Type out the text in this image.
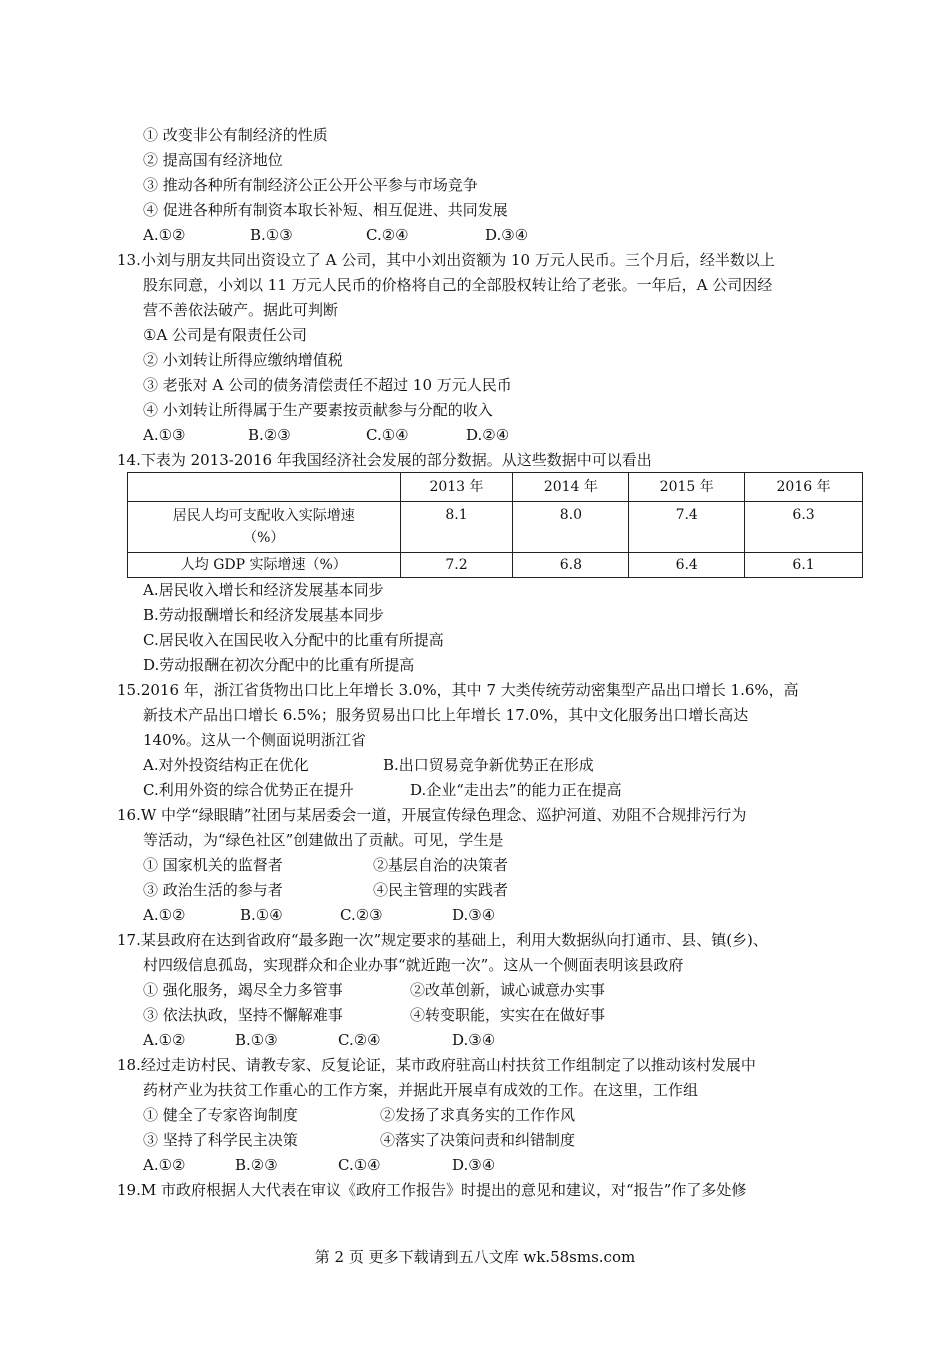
① 改变非公有制经济的性质
② 提高国有经济地位
③ 推动各种所有制经济公正公开公平参与市场竞争
④ 促进各种所有制资本取长补短、相互促进、共同发展
A.①②	B.①③	C.②④	D.③④
13.小刘与朋友共同出资设立了 A 公司，其中小刘出资额为 10 万元人民币。三个月后，经半数以上
股东同意，小刘以 11 万元人民币的价格将自己的全部股权转让给了老张。一年后，A 公司因经
营不善依法破产。据此可判断
①A 公司是有限责任公司
② 小刘转让所得应缴纳增值税
③ 老张对 A 公司的债务清偿责任不超过 10 万元人民币
④ 小刘转让所得属于生产要素按贡献参与分配的收入
A.①③	B.②③	C.①④	D.②④
14.下表为 2013-2016 年我国经济社会发展的部分数据。从这些数据中可以看出
	2013 年	2014 年	2015 年	2016 年

居民人均可支配收入实际增速
（%）	8.1	8.0	7.4	6.3
人均 GDP 实际增速（%）	7.2	6.8	6.4	6.1
A.居民收入增长和经济发展基本同步
B.劳动报酬增长和经济发展基本同步
C.居民收入在国民收入分配中的比重有所提高
D.劳动报酬在初次分配中的比重有所提高
15.2016 年，浙江省货物出口比上年增长 3.0%，其中 7 大类传统劳动密集型产品出口增长 1.6%，高
新技术产品出口增长 6.5%；服务贸易出口比上年增长 17.0%，其中文化服务出口增长高达
140%。这从一个侧面说明浙江省
A.对外投资结构正在优化	B.出口贸易竞争新优势正在形成
C.利用外资的综合优势正在提升	D.企业“走出去”的能力正在提高
16.W 中学“绿眼睛”社团与某居委会一道，开展宣传绿色理念、巡护河道、劝阻不合规排污行为
等活动，为“绿色社区”创建做出了贡献。可见，学生是
① 国家机关的监督者	②基层自治的决策者
③ 政治生活的参与者	④民主管理的实践者
A.①②	B.①④	C.②③	D.③④
17.某县政府在达到省政府“最多跑一次”规定要求的基础上，利用大数据纵向打通市、县、镇(乡)、
村四级信息孤岛，实现群众和企业办事“就近跑一次”。这从一个侧面表明该县政府
① 强化服务，竭尽全力多管事	②改革创新，诚心诚意办实事
③ 依法执政，坚持不懈解难事	④转变职能，实实在在做好事
A.①②	B.①③	C.②④	D.③④
18.经过走访村民、请教专家、反复论证，某市政府驻高山村扶贫工作组制定了以推动该村发展中
药材产业为扶贫工作重心的工作方案，并据此开展卓有成效的工作。在这里，工作组
① 健全了专家咨询制度	②发扬了求真务实的工作作风
③ 坚持了科学民主决策	④落实了决策问责和纠错制度
A.①②	B.②③	C.①④	D.③④
19.M 市政府根据人大代表在审议《政府工作报告》时提出的意见和建议，对“报告”作了多处修
第 2 页 更多下载请到五八文库 wk.58sms.com
